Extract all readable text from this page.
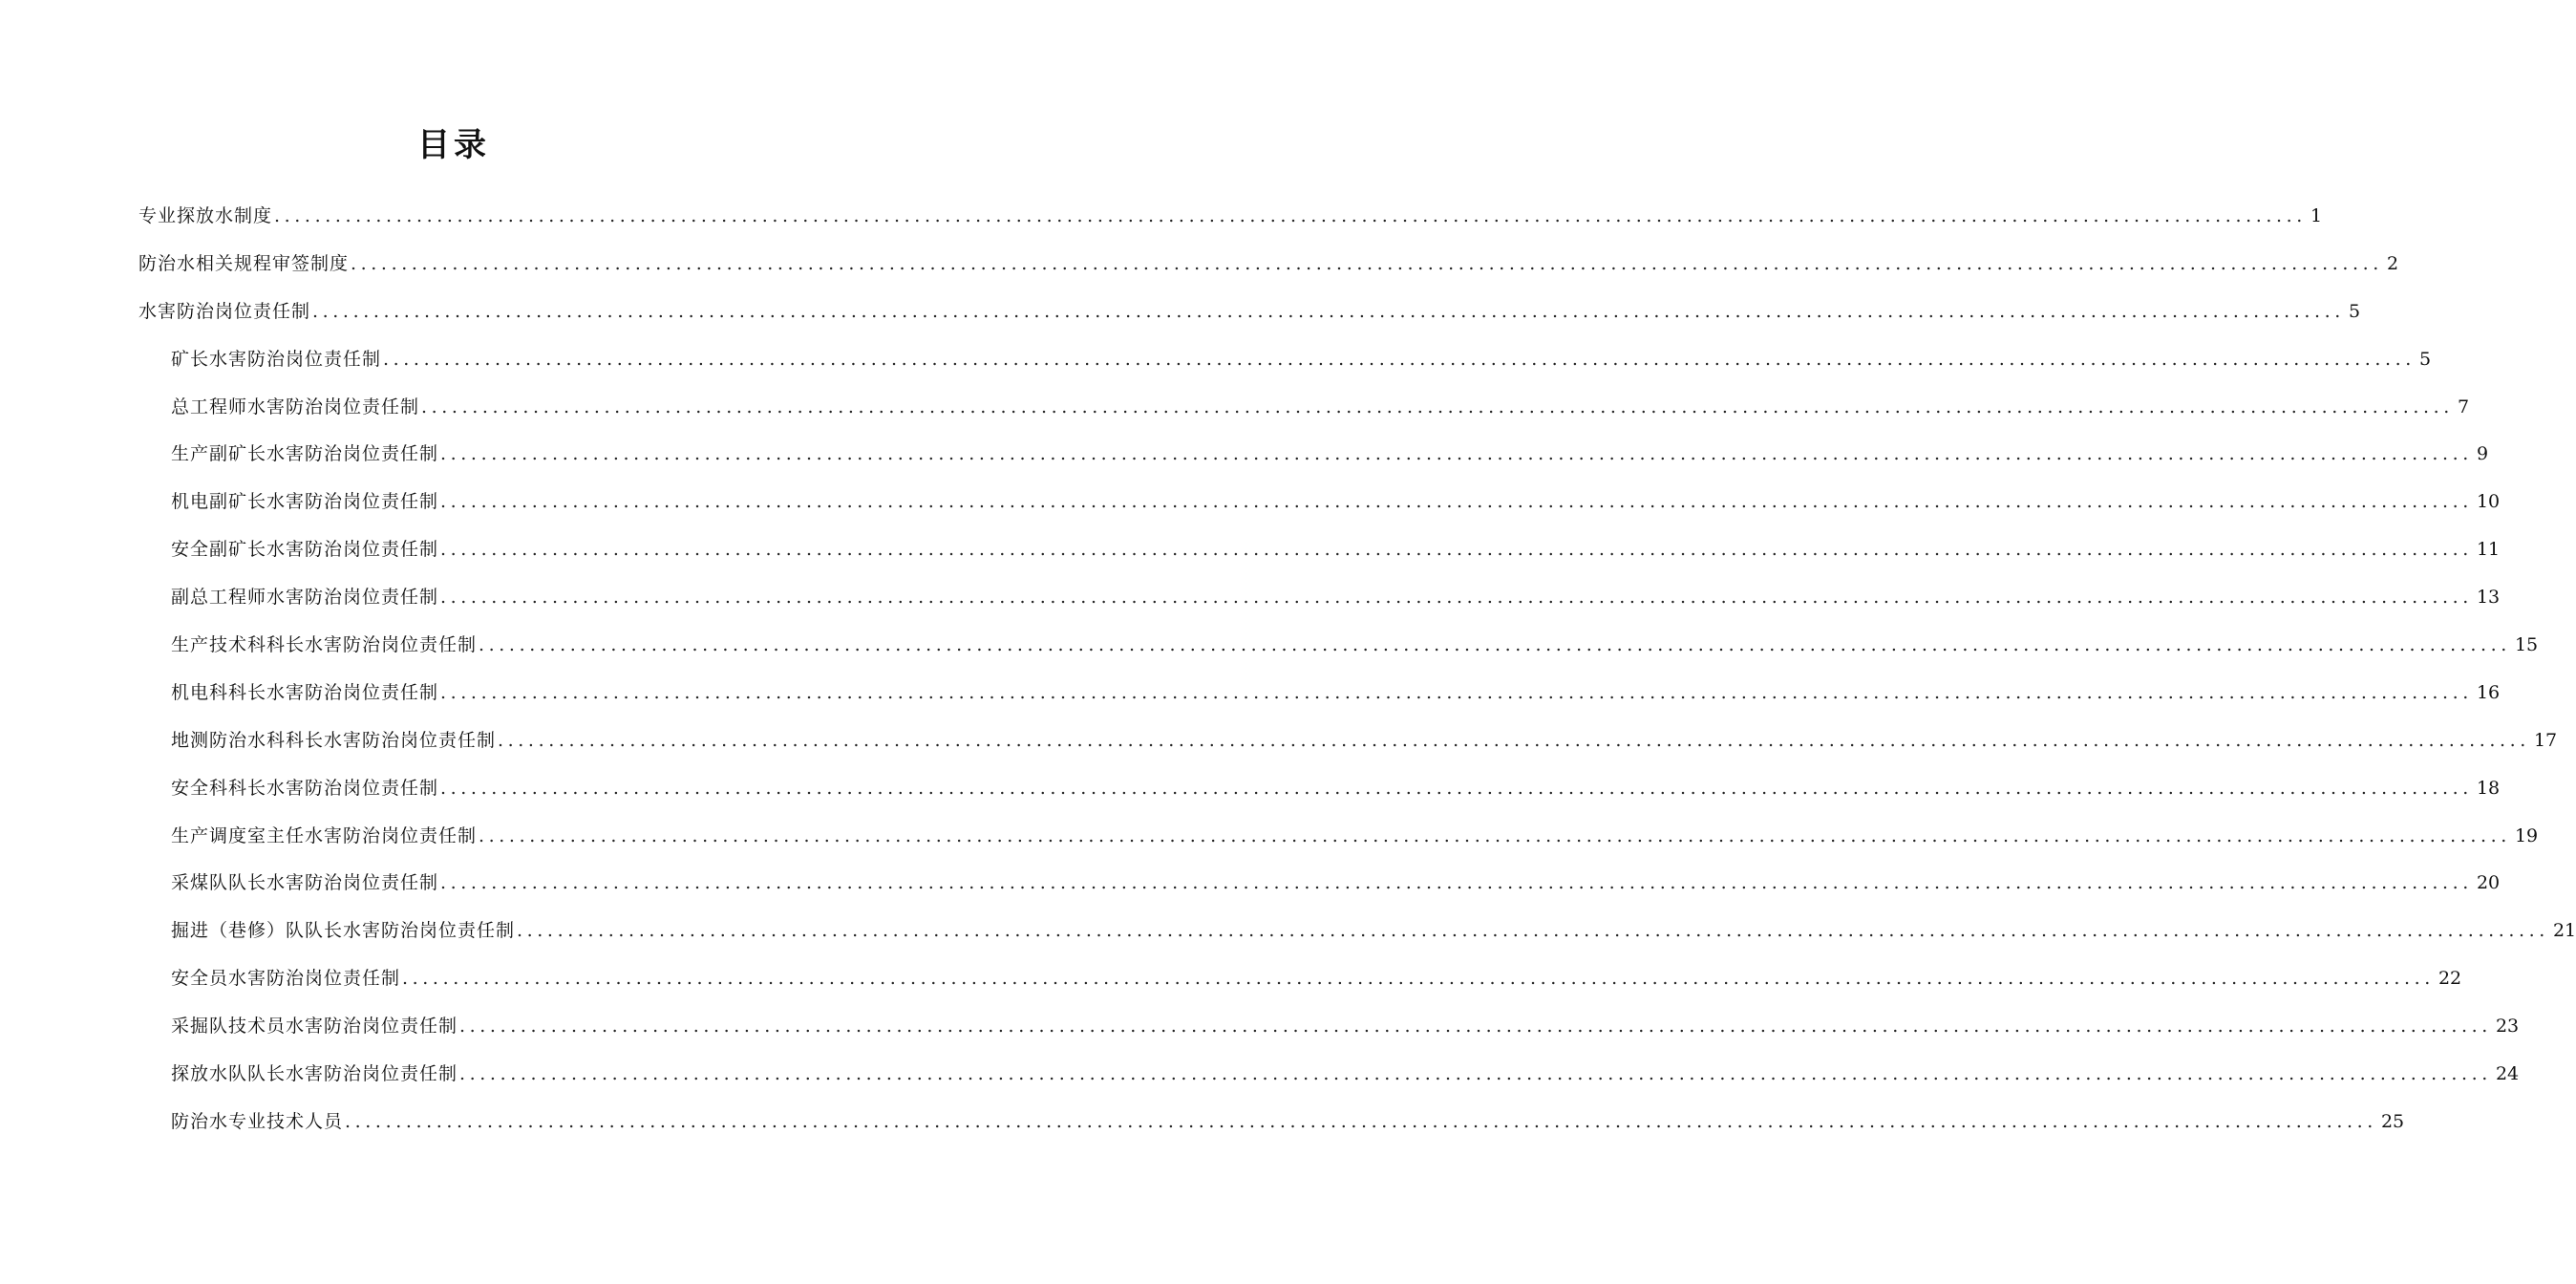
目录
专业探放水制度 ........................................................................................................................................................................................................ 1
防治水相关规程审签制度 ........................................................................................................................................................................................................ 2
水害防治岗位责任制 ........................................................................................................................................................................................................ 5
矿长水害防治岗位责任制 ........................................................................................................................................................................................................ 5
总工程师水害防治岗位责任制 ........................................................................................................................................................................................................ 7
生产副矿长水害防治岗位责任制 ........................................................................................................................................................................................................ 9
机电副矿长水害防治岗位责任制 ........................................................................................................................................................................................................ 10
安全副矿长水害防治岗位责任制 ........................................................................................................................................................................................................ 11
副总工程师水害防治岗位责任制 ........................................................................................................................................................................................................ 13
生产技术科科长水害防治岗位责任制 ........................................................................................................................................................................................................ 15
机电科科长水害防治岗位责任制 ........................................................................................................................................................................................................ 16
地测防治水科科长水害防治岗位责任制 ........................................................................................................................................................................................................ 17
安全科科长水害防治岗位责任制 ........................................................................................................................................................................................................ 18
生产调度室主任水害防治岗位责任制 ........................................................................................................................................................................................................ 19
采煤队队长水害防治岗位责任制 ........................................................................................................................................................................................................ 20
掘进（巷修）队队长水害防治岗位责任制 ........................................................................................................................................................................................................ 21
安全员水害防治岗位责任制 ........................................................................................................................................................................................................ 22
采掘队技术员水害防治岗位责任制 ........................................................................................................................................................................................................ 23
探放水队队长水害防治岗位责任制 ........................................................................................................................................................................................................ 24
防治水专业技术人员 ........................................................................................................................................................................................................ 25
